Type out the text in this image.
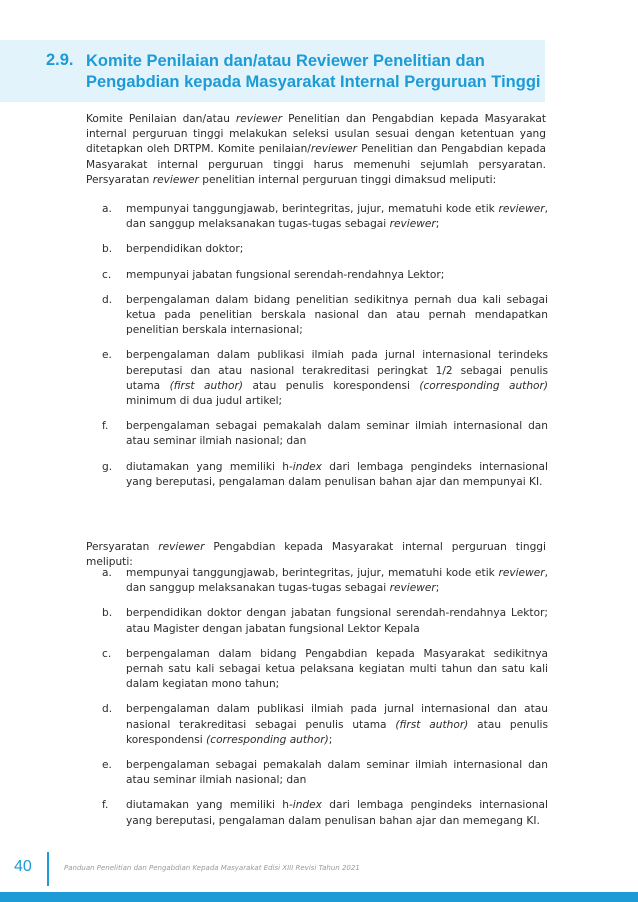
2.9. Komite Penilaian dan/atau Reviewer Penelitian dan Pengabdian kepada Masyarakat Internal Perguruan Tinggi

Komite Penilaian dan/atau reviewer Penelitian dan Pengabdian kepada Masyarakat internal perguruan tinggi melakukan seleksi usulan sesuai dengan ketentuan yang ditetapkan oleh DRTPM. Komite penilaian/reviewer Penelitian dan Pengabdian kepada Masyarakat internal perguruan tinggi harus memenuhi sejumlah persyaratan. Persyaratan reviewer penelitian internal perguruan tinggi dimaksud meliputi:

a. mempunyai tanggungjawab, berintegritas, jujur, mematuhi kode etik reviewer, dan sanggup melaksanakan tugas-tugas sebagai reviewer;
b. berpendidikan doktor;
c. mempunyai jabatan fungsional serendah-rendahnya Lektor;
d. berpengalaman dalam bidang penelitian sedikitnya pernah dua kali sebagai ketua pada penelitian berskala nasional dan atau pernah mendapatkan penelitian berskala internasional;
e. berpengalaman dalam publikasi ilmiah pada jurnal internasional terindeks bereputasi dan atau nasional terakreditasi peringkat 1/2 sebagai penulis utama (first author) atau penulis korespondensi (corresponding author) minimum di dua judul artikel;
f. berpengalaman sebagai pemakalah dalam seminar ilmiah internasional dan atau seminar ilmiah nasional; dan
g. diutamakan yang memiliki h-index dari lembaga pengindeks internasional yang bereputasi, pengalaman dalam penulisan bahan ajar dan mempunyai KI.

Persyaratan reviewer Pengabdian kepada Masyarakat internal perguruan tinggi meliputi:

a. mempunyai tanggungjawab, berintegritas, jujur, mematuhi kode etik reviewer, dan sanggup melaksanakan tugas-tugas sebagai reviewer;
b. berpendidikan doktor dengan jabatan fungsional serendah-rendahnya Lektor; atau Magister dengan jabatan fungsional Lektor Kepala
c. berpengalaman dalam bidang Pengabdian kepada Masyarakat sedikitnya pernah satu kali sebagai ketua pelaksana kegiatan multi tahun dan satu kali dalam kegiatan mono tahun;
d. berpengalaman dalam publikasi ilmiah pada jurnal internasional dan atau nasional terakreditasi sebagai penulis utama (first author) atau penulis korespondensi (corresponding author);
e. berpengalaman sebagai pemakalah dalam seminar ilmiah internasional dan atau seminar ilmiah nasional; dan
f. diutamakan yang memiliki h-index dari lembaga pengindeks internasional yang bereputasi, pengalaman dalam penulisan bahan ajar dan memegang KI.
40	Panduan Penelitian dan Pengabdian Kepada Masyarakat Edisi XIII Revisi Tahun 2021
